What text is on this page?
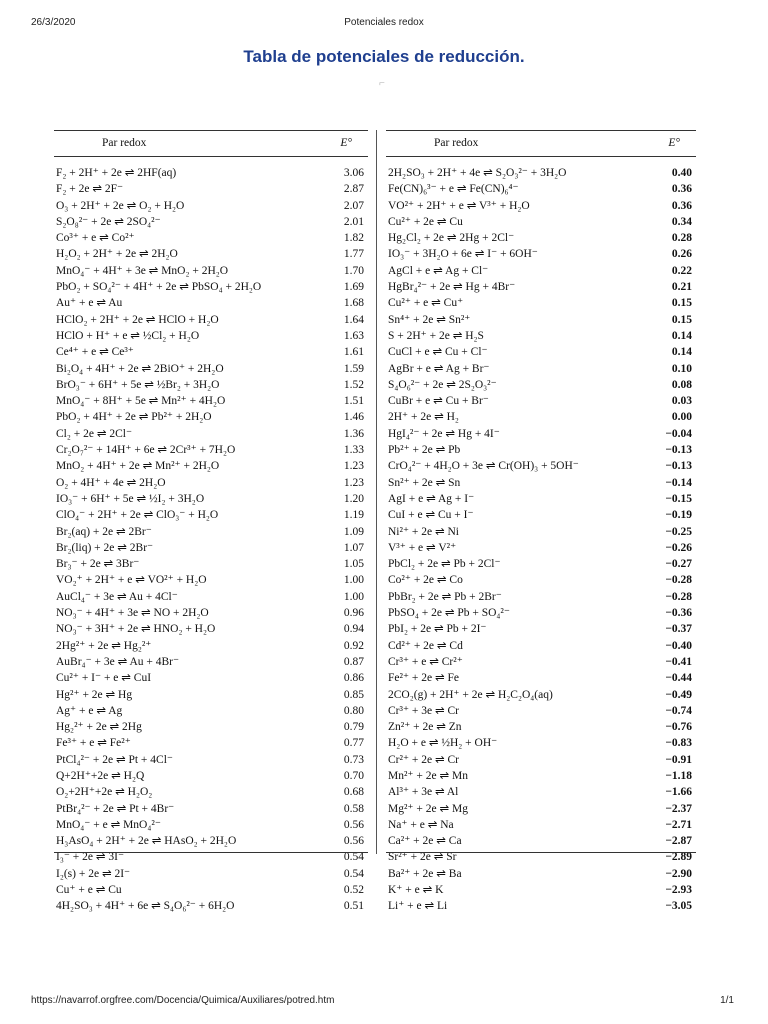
26/3/2020	Potenciales redox
Tabla de potenciales de reducción.
⌐
Par redox	E°
F₂ + 2H⁺ + 2e ⇌ 2HF(aq)	3.06
F₂ + 2e ⇌ 2F⁻	2.87
O₃ + 2H⁺ + 2e ⇌ O₂ + H₂O	2.07
S₂O₈²⁻ + 2e ⇌ 2SO₄²⁻	2.01
Co³⁺ + e ⇌ Co²⁺	1.82
H₂O₂ + 2H⁺ + 2e ⇌ 2H₂O	1.77
MnO₄⁻ + 4H⁺ + 3e ⇌ MnO₂ + 2H₂O	1.70
PbO₂ + SO₄²⁻ + 4H⁺ + 2e ⇌ PbSO₄ + 2H₂O	1.69
Au⁺ + e ⇌ Au	1.68
HClO₂ + 2H⁺ + 2e ⇌ HClO + H₂O	1.64
HClO + H⁺ + e ⇌ ½Cl₂ + H₂O	1.63
Ce⁴⁺ + e ⇌ Ce³⁺	1.61
Bi₂O₄ + 4H⁺ + 2e ⇌ 2BiO⁺ + 2H₂O	1.59
BrO₃⁻ + 6H⁺ + 5e ⇌ ½Br₂ + 3H₂O	1.52
MnO₄⁻ + 8H⁺ + 5e ⇌ Mn²⁺ + 4H₂O	1.51
PbO₂ + 4H⁺ + 2e ⇌ Pb²⁺ + 2H₂O	1.46
Cl₂ + 2e ⇌ 2Cl⁻	1.36
Cr₂O₇²⁻ + 14H⁺ + 6e ⇌ 2Cr³⁺ + 7H₂O	1.33
MnO₂ + 4H⁺ + 2e ⇌ Mn²⁺ + 2H₂O	1.23
O₂ + 4H⁺ + 4e ⇌ 2H₂O	1.23
IO₃⁻ + 6H⁺ + 5e ⇌ ½I₂ + 3H₂O	1.20
ClO₄⁻ + 2H⁺ + 2e ⇌ ClO₃⁻ + H₂O	1.19
Br₂(aq) + 2e ⇌ 2Br⁻	1.09
Br₂(liq) + 2e ⇌ 2Br⁻	1.07
Br₃⁻ + 2e ⇌ 3Br⁻	1.05
VO₂⁺ + 2H⁺ + e ⇌ VO²⁺ + H₂O	1.00
AuCl₄⁻ + 3e ⇌ Au + 4Cl⁻	1.00
NO₃⁻ + 4H⁺ + 3e ⇌ NO + 2H₂O	0.96
NO₃⁻ + 3H⁺ + 2e ⇌ HNO₂ + H₂O	0.94
2Hg²⁺ + 2e ⇌ Hg₂²⁺	0.92
AuBr₄⁻ + 3e ⇌ Au + 4Br⁻	0.87
Cu²⁺ + I⁻ + e ⇌ CuI	0.86
Hg²⁺ + 2e ⇌ Hg	0.85
Ag⁺ + e ⇌ Ag	0.80
Hg₂²⁺ + 2e ⇌ 2Hg	0.79
Fe³⁺ + e ⇌ Fe²⁺	0.77
PtCl₄²⁻ + 2e ⇌ Pt + 4Cl⁻	0.73
Q+2H⁺+2e ⇌ H₂Q	0.70
O₂+2H⁺+2e ⇌ H₂O₂	0.68
PtBr₄²⁻ + 2e ⇌ Pt + 4Br⁻	0.58
MnO₄⁻ + e ⇌ MnO₄²⁻	0.56
H₃AsO₄ + 2H⁺ + 2e ⇌ HAsO₂ + 2H₂O	0.56
I₃⁻ + 2e ⇌ 3I⁻	0.54
I₂(s) + 2e ⇌ 2I⁻	0.54
Cu⁺ + e ⇌ Cu	0.52
4H₂SO₃ + 4H⁺ + 6e ⇌ S₄O₆²⁻ + 6H₂O	0.51
Par redox	E°
2H₂SO₃ + 2H⁺ + 4e ⇌ S₂O₃²⁻ + 3H₂O	0.40
Fe(CN)₆³⁻ + e ⇌ Fe(CN)₆⁴⁻	0.36
VO²⁺ + 2H⁺ + e ⇌ V³⁺ + H₂O	0.36
Cu²⁺ + 2e ⇌ Cu	0.34
Hg₂Cl₂ + 2e ⇌ 2Hg + 2Cl⁻	0.28
IO₃⁻ + 3H₂O + 6e ⇌ I⁻ + 6OH⁻	0.26
AgCl + e ⇌ Ag + Cl⁻	0.22
HgBr₄²⁻ + 2e ⇌ Hg + 4Br⁻	0.21
Cu²⁺ + e ⇌ Cu⁺	0.15
Sn⁴⁺ + 2e ⇌ Sn²⁺	0.15
S + 2H⁺ + 2e ⇌ H₂S	0.14
CuCl + e ⇌ Cu + Cl⁻	0.14
AgBr + e ⇌ Ag + Br⁻	0.10
S₄O₆²⁻ + 2e ⇌ 2S₂O₃²⁻	0.08
CuBr + e ⇌ Cu + Br⁻	0.03
2H⁺ + 2e ⇌ H₂	0.00
HgI₄²⁻ + 2e ⇌ Hg + 4I⁻	−0.04
Pb²⁺ + 2e ⇌ Pb	−0.13
CrO₄²⁻ + 4H₂O + 3e ⇌ Cr(OH)₃ + 5OH⁻	−0.13
Sn²⁺ + 2e ⇌ Sn	−0.14
AgI + e ⇌ Ag + I⁻	−0.15
CuI + e ⇌ Cu + I⁻	−0.19
Ni²⁺ + 2e ⇌ Ni	−0.25
V³⁺ + e ⇌ V²⁺	−0.26
PbCl₂ + 2e ⇌ Pb + 2Cl⁻	−0.27
Co²⁺ + 2e ⇌ Co	−0.28
PbBr₂ + 2e ⇌ Pb + 2Br⁻	−0.28
PbSO₄ + 2e ⇌ Pb + SO₄²⁻	−0.36
PbI₂ + 2e ⇌ Pb + 2I⁻	−0.37
Cd²⁺ + 2e ⇌ Cd	−0.40
Cr³⁺ + e ⇌ Cr²⁺	−0.41
Fe²⁺ + 2e ⇌ Fe	−0.44
2CO₂(g) + 2H⁺ + 2e ⇌ H₂C₂O₄(aq)	−0.49
Cr³⁺ + 3e ⇌ Cr	−0.74
Zn²⁺ + 2e ⇌ Zn	−0.76
H₂O + e ⇌ ½H₂ + OH⁻	−0.83
Cr²⁺ + 2e ⇌ Cr	−0.91
Mn²⁺ + 2e ⇌ Mn	−1.18
Al³⁺ + 3e ⇌ Al	−1.66
Mg²⁺ + 2e ⇌ Mg	−2.37
Na⁺ + e ⇌ Na	−2.71
Ca²⁺ + 2e ⇌ Ca	−2.87
Sr²⁺ + 2e ⇌ Sr	−2.89
Ba²⁺ + 2e ⇌ Ba	−2.90
K⁺ + e ⇌ K	−2.93
Li⁺ + e ⇌ Li	−3.05
https://navarrof.orgfree.com/Docencia/Quimica/Auxiliares/potred.htm	1/1
